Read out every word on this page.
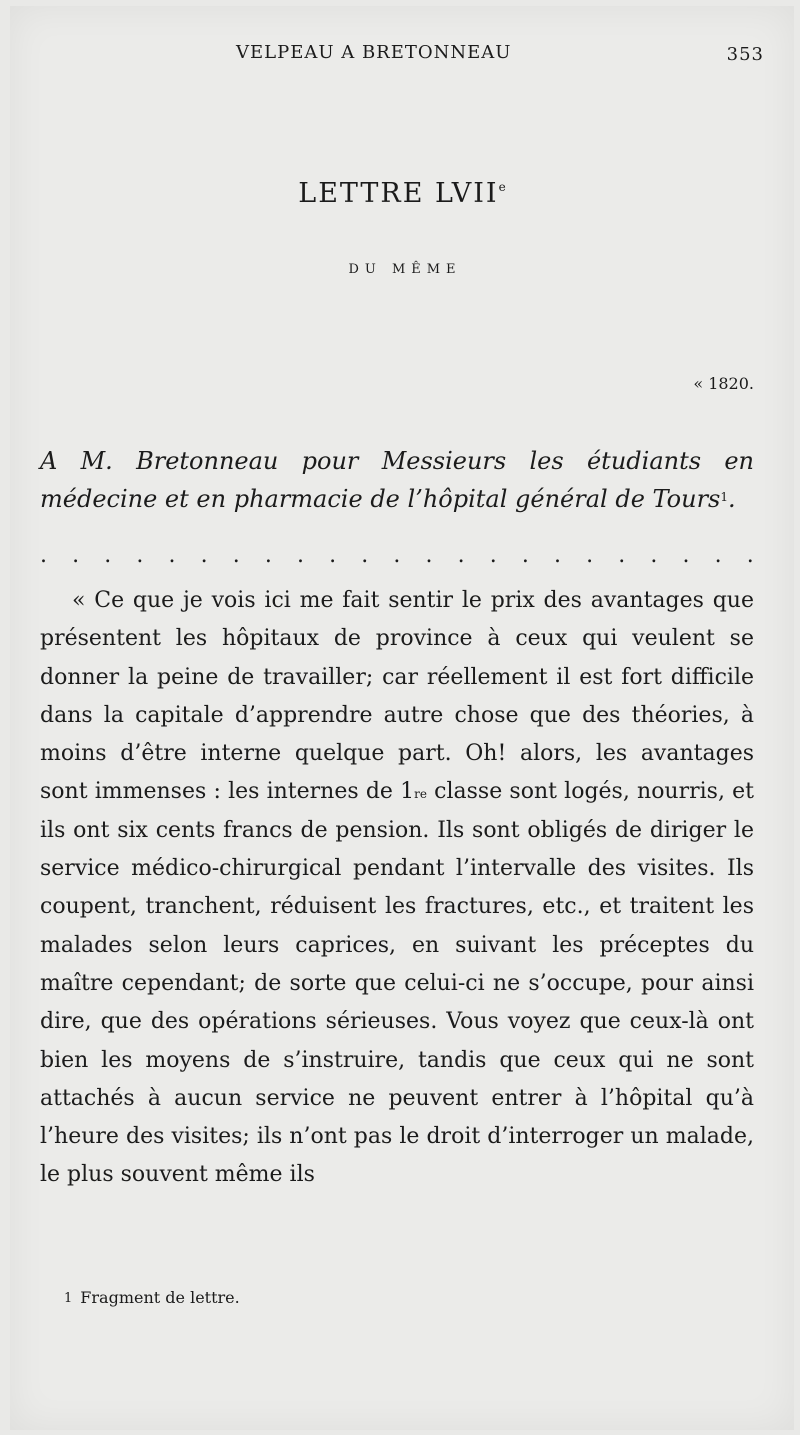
VELPEAU A BRETONNEAU	353
LETTRE LVIIe
DU MÊME
« 1820.
A M. Bretonneau pour Messieurs les étudiants en médecine et en pharmacie de l’hôpital général de Tours$^1$.
. . . . . . . . . . . . . . . . . . . . . . .

« Ce que je vois ici me fait sentir le prix des avantages que présentent les hôpitaux de province à ceux qui veulent se donner la peine de travailler; car réellement il est fort difficile dans la capitale d’apprendre autre chose que des théories, à moins d’être interne quelque part. Oh! alors, les avantages sont immenses : les internes de 1re classe sont logés, nourris, et ils ont six cents francs de pension. Ils sont obligés de diriger le service médico-chirurgical pendant l’intervalle des visites. Ils coupent, tranchent, réduisent les fractures, etc., et traitent les malades selon leurs caprices, en suivant les préceptes du maître cependant; de sorte que celui-ci ne s’occupe, pour ainsi dire, que des opérations sérieuses. Vous voyez que ceux-là ont bien les moyens de s’instruire, tandis que ceux qui ne sont attachés à aucun service ne peuvent entrer à l’hôpital qu’à l’heure des visites; ils n’ont pas le droit d’interroger un malade, le plus souvent même ils

1 Fragment de lettre.
